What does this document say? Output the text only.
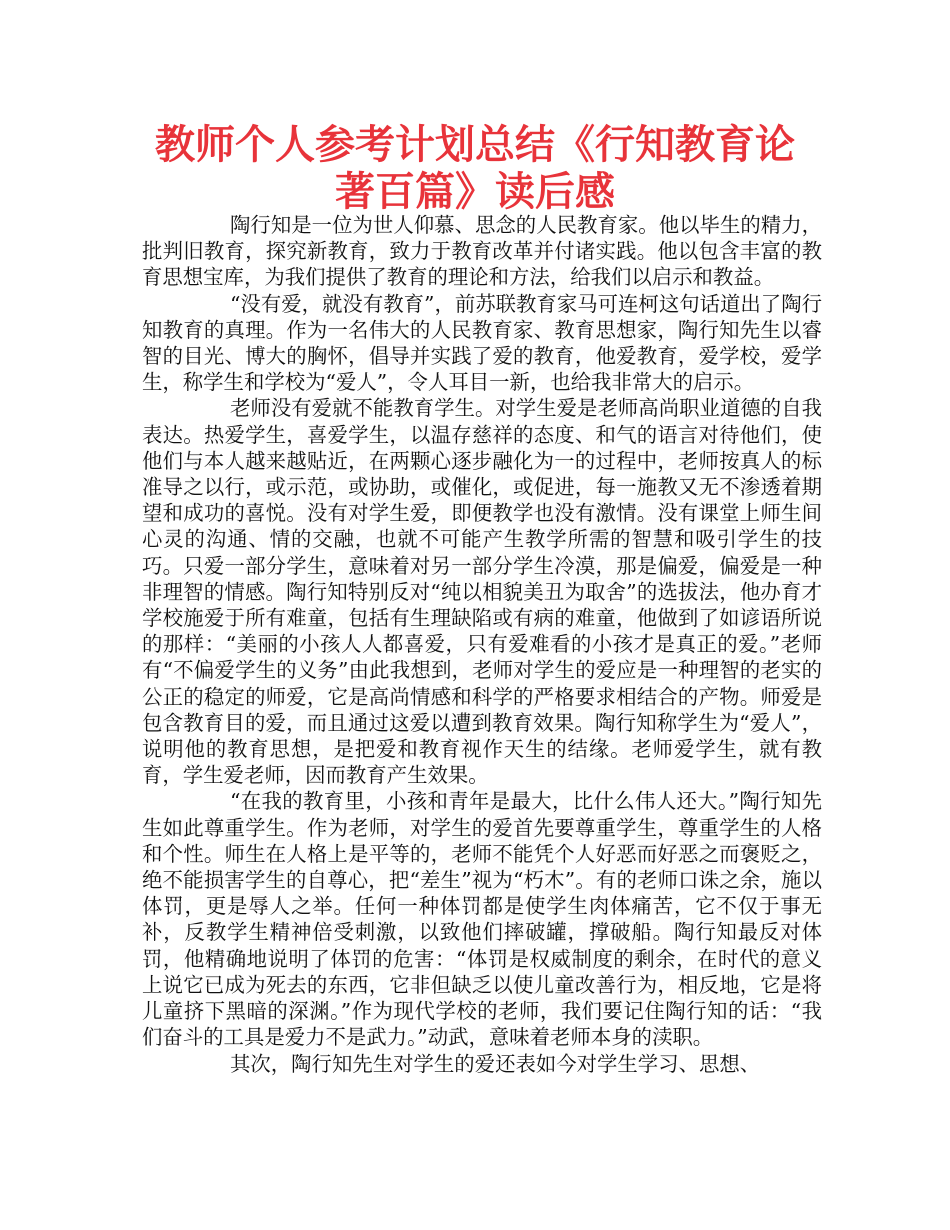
教师个人参考计划总结《行知教育论著百篇》读后感

陶行知是一位为世人仰慕、思念的人民教育家。他以毕生的精力，批判旧教育，探究新教育，致力于教育改革并付诸实践。他以包含丰富的教育思想宝库，为我们提供了教育的理论和方法，给我们以启示和教益。

“没有爱，就没有教育”，前苏联教育家马可连柯这句话道出了陶行知教育的真理。作为一名伟大的人民教育家、教育思想家，陶行知先生以睿智的目光、博大的胸怀，倡导并实践了爱的教育，他爱教育，爱学校，爱学生，称学生和学校为“爱人”，令人耳目一新，也给我非常大的启示。

老师没有爱就不能教育学生。对学生爱是老师高尚职业道德的自我表达。热爱学生，喜爱学生，以温存慈祥的态度、和气的语言对待他们，使他们与本人越来越贴近，在两颗心逐步融化为一的过程中，老师按真人的标准导之以行，或示范，或协助，或催化，或促进，每一施教又无不渗透着期望和成功的喜悦。没有对学生爱，即便教学也没有激情。没有课堂上师生间心灵的沟通、情的交融，也就不可能产生教学所需的智慧和吸引学生的技巧。只爱一部分学生，意味着对另一部分学生冷漠，那是偏爱，偏爱是一种非理智的情感。陶行知特别反对“纯以相貌美丑为取舍”的选拔法，他办育才学校施爱于所有难童，包括有生理缺陷或有病的难童，他做到了如谚语所说的那样：“美丽的小孩人人都喜爱，只有爱难看的小孩才是真正的爱。”老师有“不偏爱学生的义务”由此我想到，老师对学生的爱应是一种理智的老实的公正的稳定的师爱，它是高尚情感和科学的严格要求相结合的产物。师爱是包含教育目的爱，而且通过这爱以遭到教育效果。陶行知称学生为“爱人”，说明他的教育思想，是把爱和教育视作天生的结缘。老师爱学生，就有教育，学生爱老师，因而教育产生效果。

“在我的教育里，小孩和青年是最大，比什么伟人还大。”陶行知先生如此尊重学生。作为老师，对学生的爱首先要尊重学生，尊重学生的人格和个性。师生在人格上是平等的，老师不能凭个人好恶而好恶之而褒贬之，绝不能损害学生的自尊心，把“差生”视为“朽木”。有的老师口诛之余，施以体罚，更是辱人之举。任何一种体罚都是使学生肉体痛苦，它不仅于事无补，反教学生精神倍受刺激，以致他们摔破罐，撑破船。陶行知最反对体罚，他精确地说明了体罚的危害：“体罚是权威制度的剩余，在时代的意义上说它已成为死去的东西，它非但缺乏以使儿童改善行为，相反地，它是将儿童挤下黑暗的深渊。”作为现代学校的老师，我们要记住陶行知的话：“我们奋斗的工具是爱力不是武力。”动武，意味着老师本身的渎职。

其次，陶行知先生对学生的爱还表如今对学生学习、思想、
